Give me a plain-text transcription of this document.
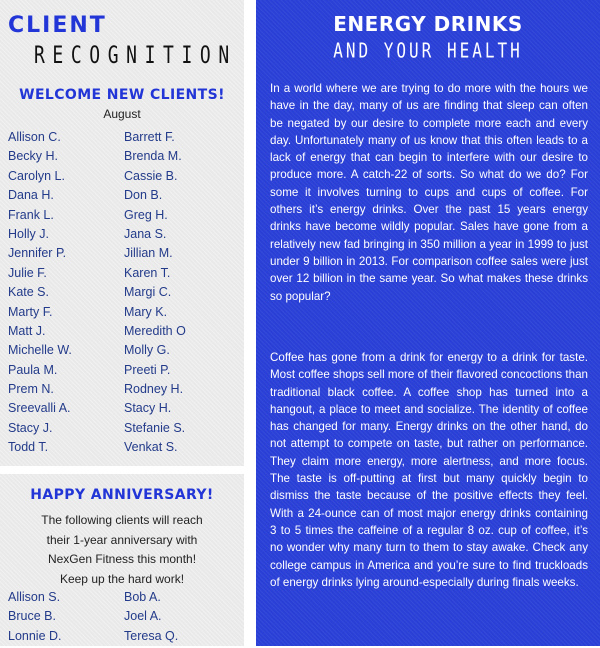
CLIENT
RECOGNITION
WELCOME NEW CLIENTS!
August
Allison C.	Barrett F.
Becky H.	Brenda M.
Carolyn L.	Cassie B.
Dana H.	Don B.
Frank L.	Greg H.
Holly J.	Jana S.
Jennifer P.	Jillian M.
Julie F.	Karen T.
Kate S.	Margi C.
Marty F.	Mary K.
Matt J.	Meredith O
Michelle W.	Molly G.
Paula M.	Preeti P.
Prem N.	Rodney H.
Sreevalli A.	Stacy H.
Stacy J.	Stefanie S.
Todd T.	Venkat S.
HAPPY ANNIVERSARY!
The following clients will reach
their 1-year anniversary with
NexGen Fitness this month!
Keep up the hard work!
Allison S.	Bob A.
Bruce B.	Joel A.
Lonnie D.	Teresa Q.
ENERGY DRINKS
AND YOUR HEALTH
In a world where we are trying to do more with the hours we have in the day, many of us are finding that sleep can often be negated by our desire to complete more each and every day. Unfortunately many of us know that this often leads to a lack of energy that can begin to interfere with our desire to produce more. A catch-22 of sorts. So what do we do? For some it involves turning to cups and cups of coffee. For others it’s energy drinks. Over the past 15 years energy drinks have become wildly popular. Sales have gone from a relatively new fad bringing in 350 million a year in 1999 to just under 9 billion in 2013. For comparison coffee sales were just over 12 billion in the same year. So what makes these drinks so popular?
Coffee has gone from a drink for energy to a drink for taste. Most coffee shops sell more of their flavored concoctions than traditional black coffee. A coffee shop has turned into a hangout, a place to meet and socialize. The identity of coffee has changed for many. Energy drinks on the other hand, do not attempt to compete on taste, but rather on performance. They claim more energy, more alertness, and more focus. The taste is off-putting at first but many quickly begin to dismiss the taste because of the positive effects they feel. With a 24-ounce can of most major energy drinks containing 3 to 5 times the caffeine of a regular 8 oz. cup of coffee, it’s no wonder why many turn to them to stay awake. Check any college campus in America and you’re sure to find truckloads of energy drinks lying around-especially during finals weeks.
